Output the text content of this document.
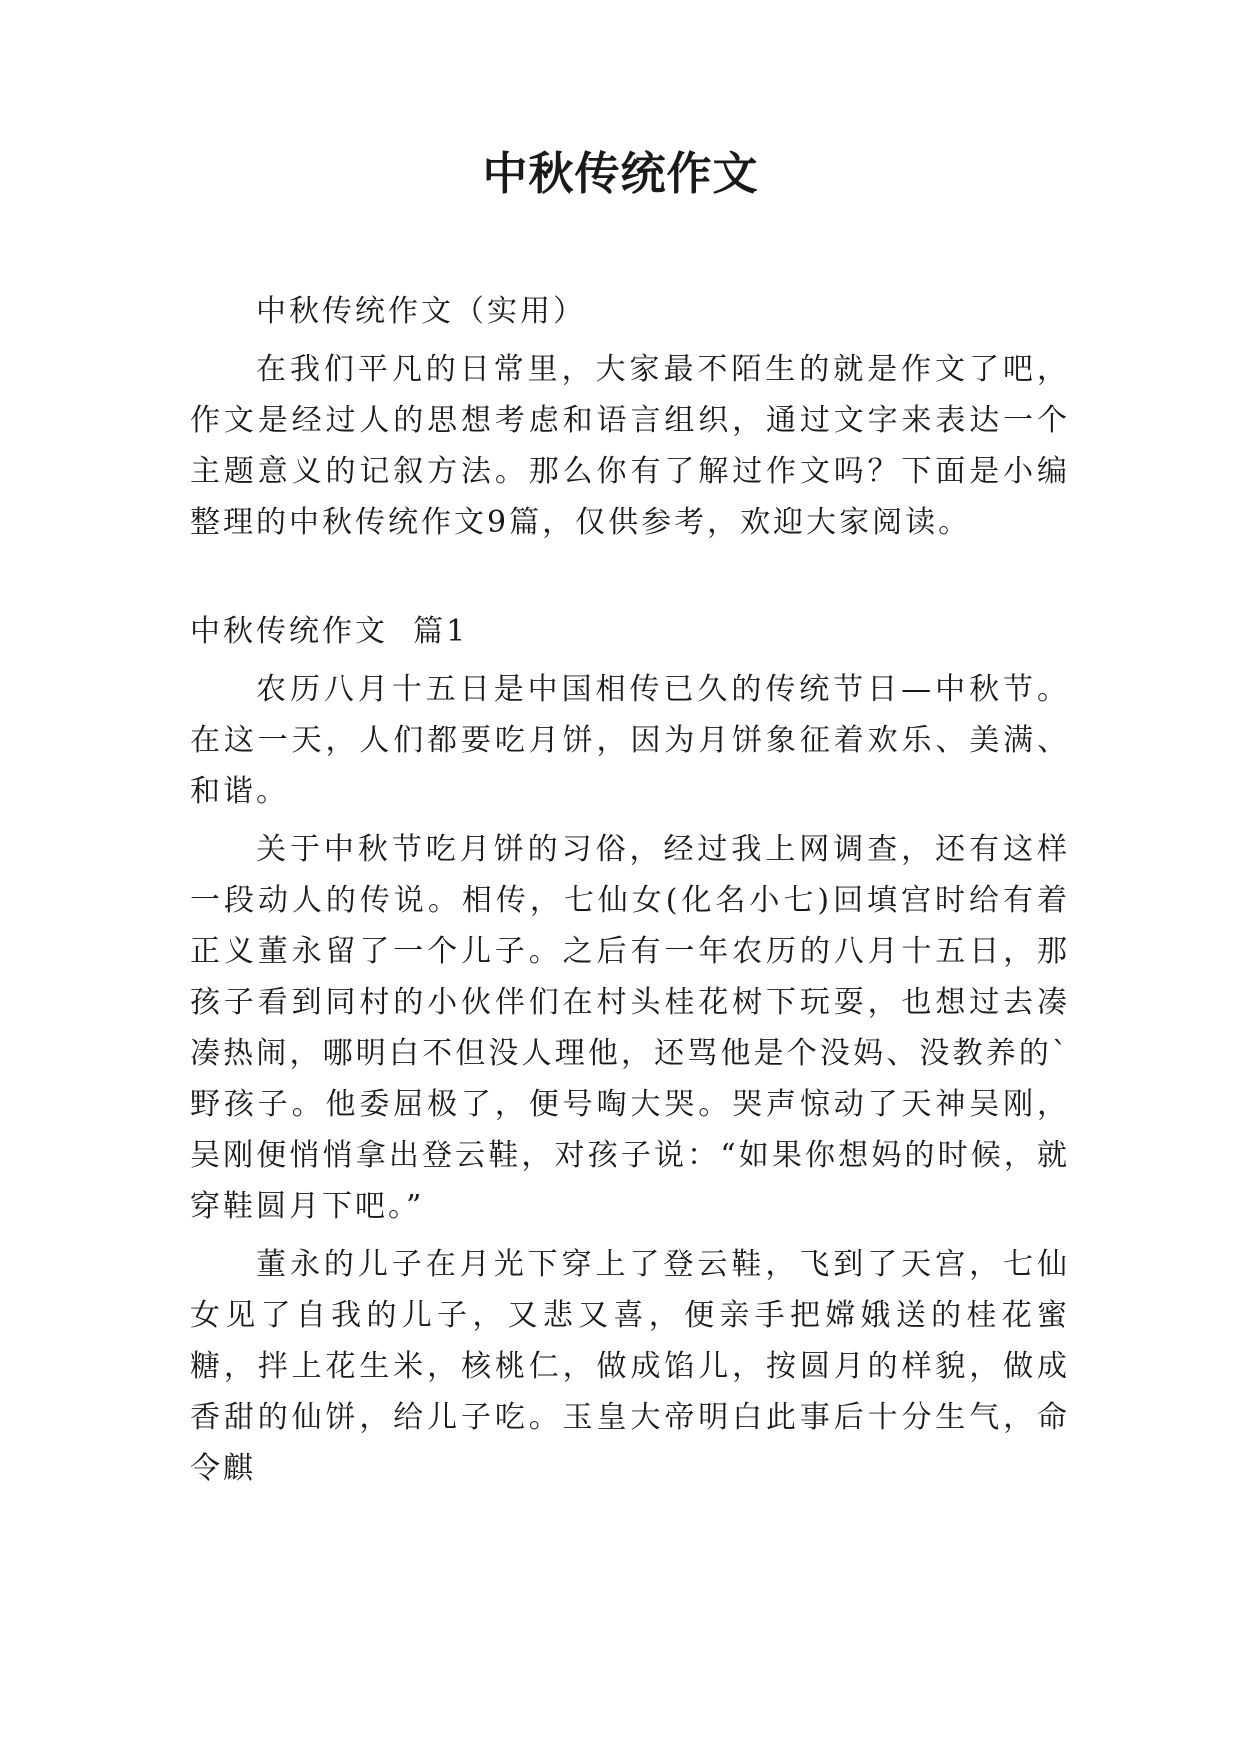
中秋传统作文

中秋传统作文（实用）

在我们平凡的日常里，大家最不陌生的就是作文了吧，作文是经过人的思想考虑和语言组织，通过文字来表达一个主题意义的记叙方法。那么你有了解过作文吗？下面是小编整理的中秋传统作文9篇，仅供参考，欢迎大家阅读。

中秋传统作文  篇1

农历八月十五日是中国相传已久的传统节日—中秋节。在这一天，人们都要吃月饼，因为月饼象征着欢乐、美满、和谐。

关于中秋节吃月饼的习俗，经过我上网调查，还有这样一段动人的传说。相传，七仙女(化名小七)回填宫时给有着正义董永留了一个儿子。之后有一年农历的八月十五日，那孩子看到同村的小伙伴们在村头桂花树下玩耍，也想过去凑凑热闹，哪明白不但没人理他，还骂他是个没妈、没教养的`野孩子。他委屈极了，便号啕大哭。哭声惊动了天神吴刚，吴刚便悄悄拿出登云鞋，对孩子说：“如果你想妈的时候，就穿鞋圆月下吧。”

董永的儿子在月光下穿上了登云鞋，飞到了天宫，七仙女见了自我的儿子，又悲又喜，便亲手把嫦娥送的桂花蜜糖，拌上花生米，核桃仁，做成馅儿，按圆月的样貌，做成香甜的仙饼，给儿子吃。玉皇大帝明白此事后十分生气，命令麒
